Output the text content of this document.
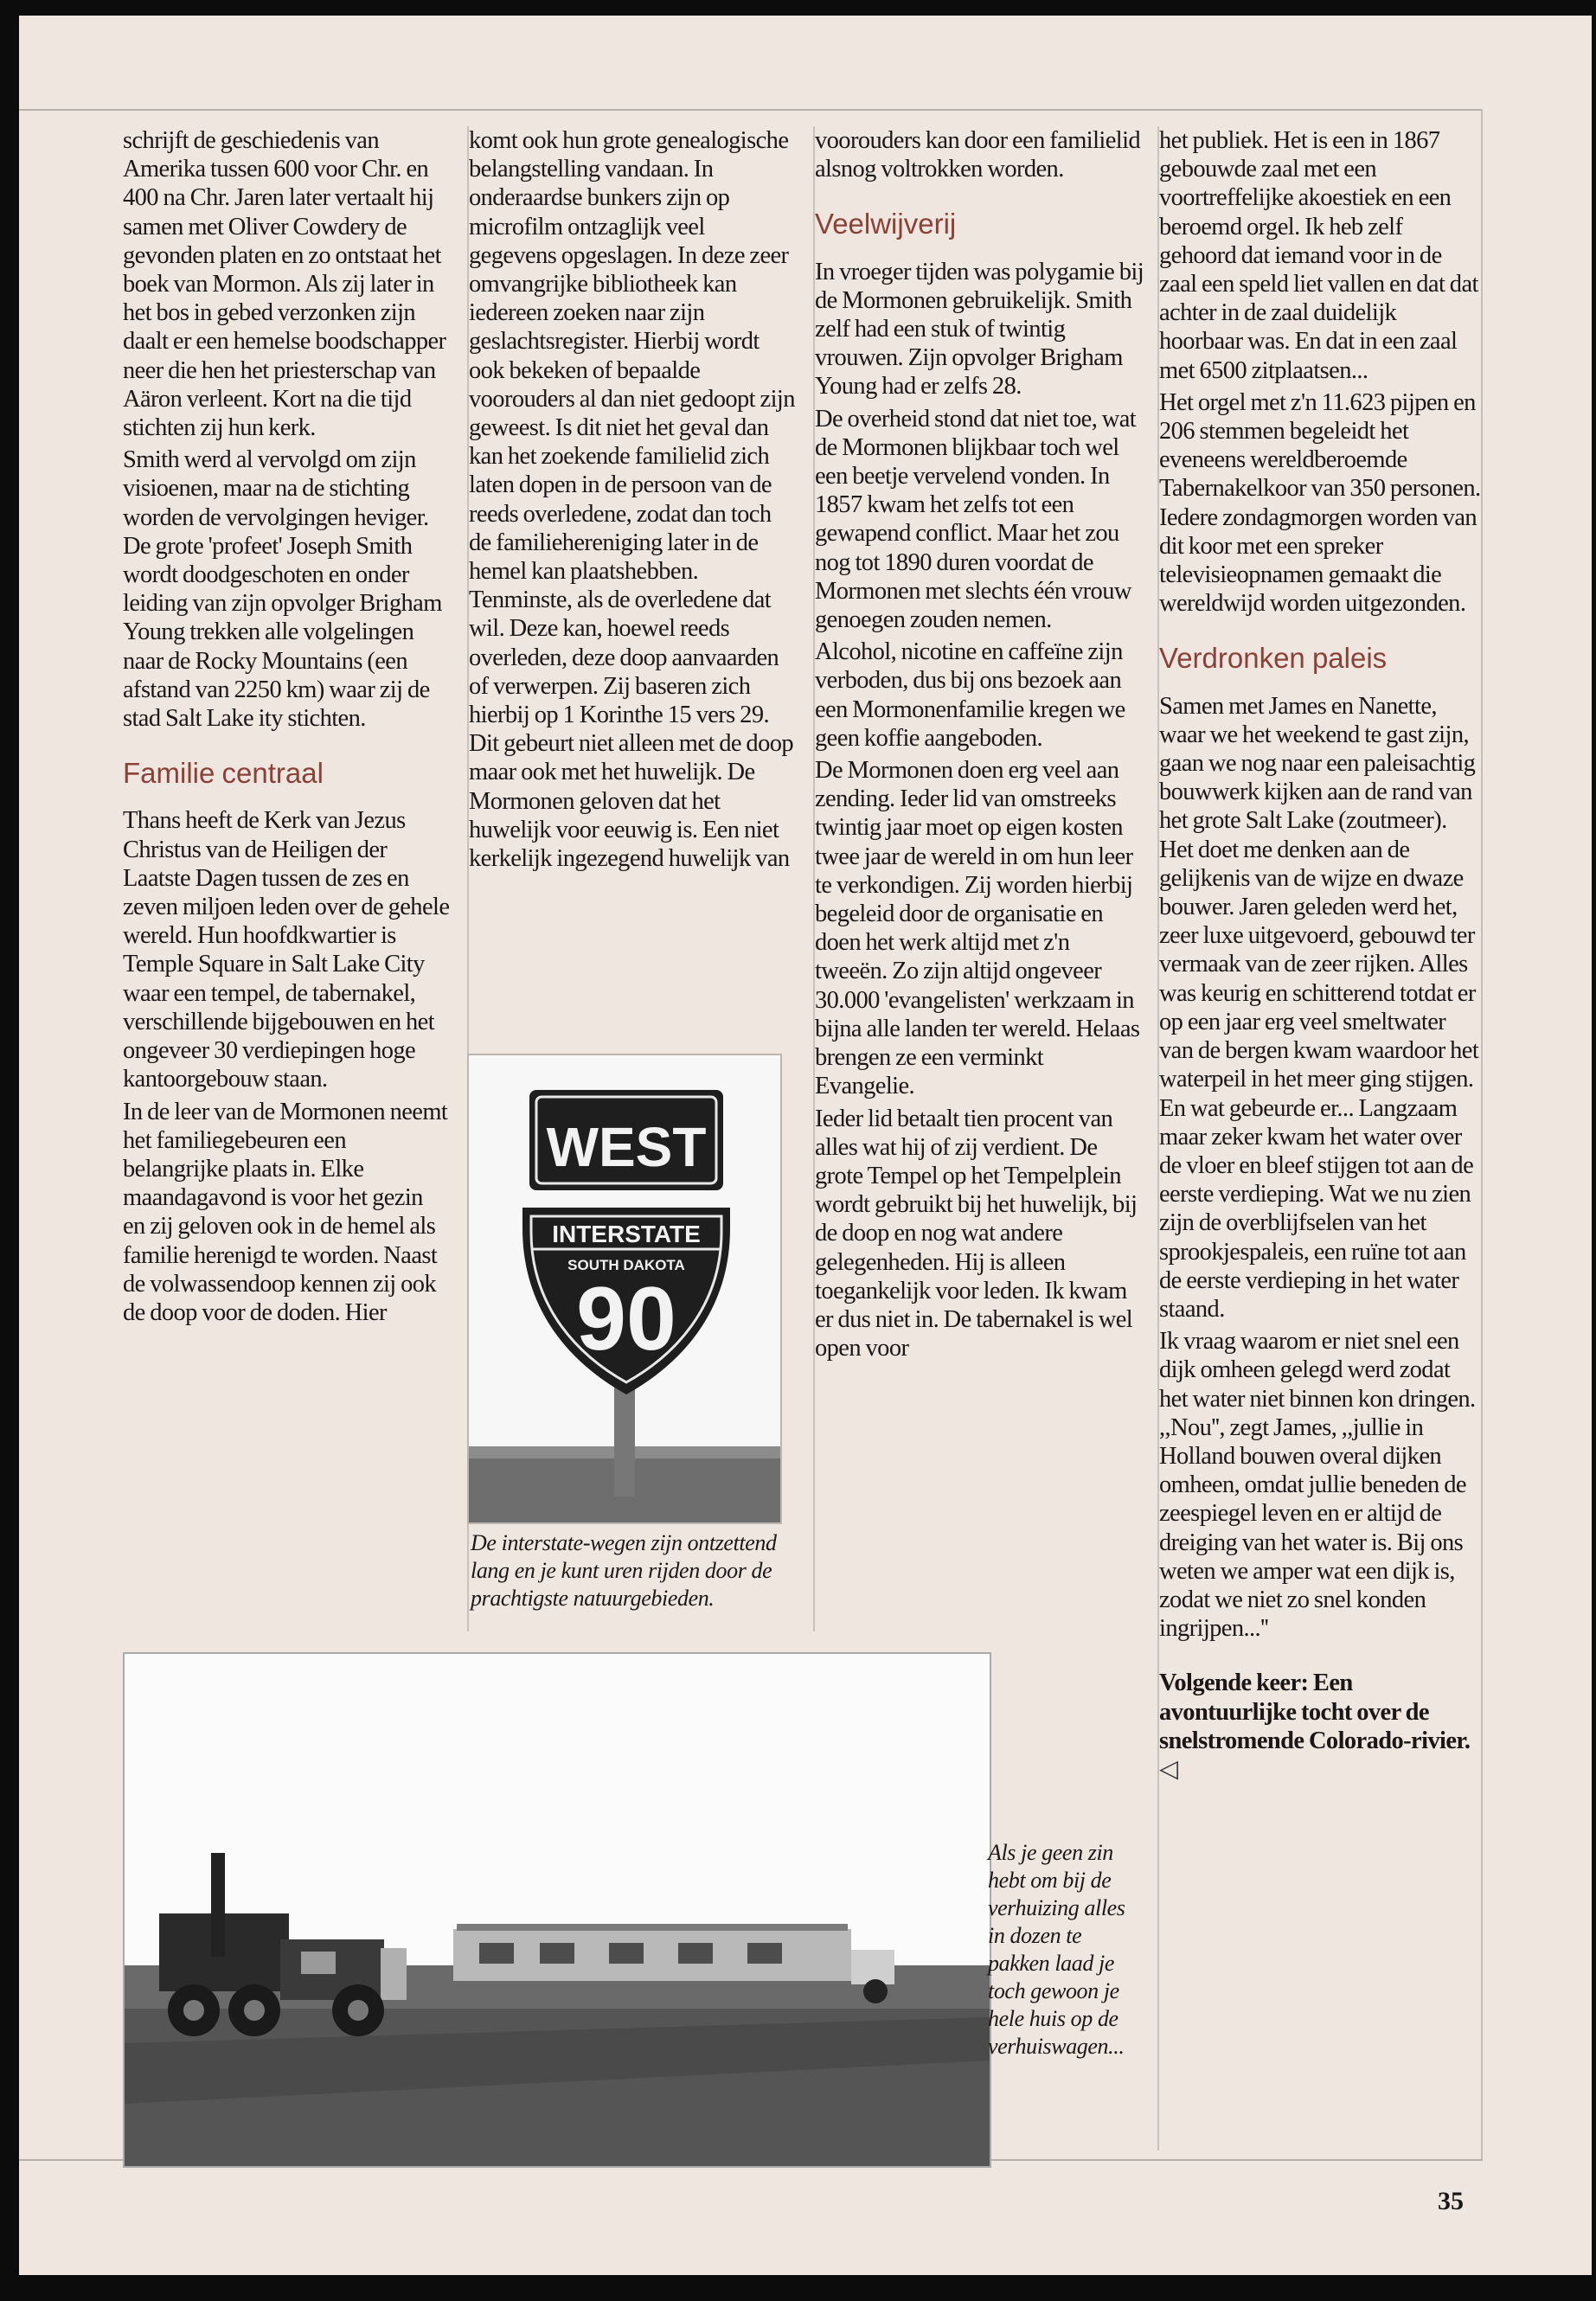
schrijft de geschiedenis van Amerika tussen 600 voor Chr. en 400 na Chr. Jaren later vertaalt hij samen met Oliver Cowdery de gevonden platen en zo ontstaat het boek van Mormon. Als zij later in het bos in gebed verzonken zijn daalt er een hemelse boodschapper neer die hen het priesterschap van Aäron verleent. Kort na die tijd stichten zij hun kerk.

Smith werd al vervolgd om zijn visioenen, maar na de stichting worden de vervolgingen heviger. De grote 'profeet' Joseph Smith wordt doodgeschoten en onder leiding van zijn opvolger Brigham Young trekken alle volgelingen naar de Rocky Mountains (een afstand van 2250 km) waar zij de stad Salt Lake ity stichten.

Familie centraal

Thans heeft de Kerk van Jezus Christus van de Heiligen der Laatste Dagen tussen de zes en zeven miljoen leden over de gehele wereld. Hun hoofdkwartier is Temple Square in Salt Lake City waar een tempel, de tabernakel, verschillende bijgebouwen en het ongeveer 30 verdiepingen hoge kantoorgebouw staan.

In de leer van de Mormonen neemt het familiegebeuren een belangrijke plaats in. Elke maandagavond is voor het gezin en zij geloven ook in de hemel als familie herenigd te worden. Naast de volwassendoop kennen zij ook de doop voor de doden. Hier

komt ook hun grote genealogische belangstelling vandaan. In onderaardse bunkers zijn op microfilm ontzaglijk veel gegevens opgeslagen. In deze zeer omvangrijke bibliotheek kan iedereen zoeken naar zijn geslachtsregister. Hierbij wordt ook bekeken of bepaalde voorouders al dan niet gedoopt zijn geweest. Is dit niet het geval dan kan het zoekende familielid zich laten dopen in de persoon van de reeds overledene, zodat dan toch de familiehereniging later in de hemel kan plaatshebben. Tenminste, als de overledene dat wil. Deze kan, hoewel reeds overleden, deze doop aanvaarden of verwerpen. Zij baseren zich hierbij op 1 Korinthe 15 vers 29. Dit gebeurt niet alleen met de doop maar ook met het huwelijk. De Mormonen geloven dat het huwelijk voor eeuwig is. Een niet kerkelijk ingezegend huwelijk van

voorouders kan door een familielid alsnog voltrokken worden.

Veelwijverij

In vroeger tijden was polygamie bij de Mormonen gebruikelijk. Smith zelf had een stuk of twintig vrouwen. Zijn opvolger Brigham Young had er zelfs 28.

De overheid stond dat niet toe, wat de Mormonen blijkbaar toch wel een beetje vervelend vonden. In 1857 kwam het zelfs tot een gewapend conflict. Maar het zou nog tot 1890 duren voordat de Mormonen met slechts één vrouw genoegen zouden nemen.

Alcohol, nicotine en caffeïne zijn verboden, dus bij ons bezoek aan een Mormonenfamilie kregen we geen koffie aangeboden.

De Mormonen doen erg veel aan zending. Ieder lid van omstreeks twintig jaar moet op eigen kosten twee jaar de wereld in om hun leer te verkondigen. Zij worden hierbij begeleid door de organisatie en doen het werk altijd met z'n tweeën. Zo zijn altijd ongeveer 30.000 'evangelisten' werkzaam in bijna alle landen ter wereld. Helaas brengen ze een verminkt Evangelie.

Ieder lid betaalt tien procent van alles wat hij of zij verdient. De grote Tempel op het Tempelplein wordt gebruikt bij het huwelijk, bij de doop en nog wat andere gelegenheden. Hij is alleen toegankelijk voor leden. Ik kwam er dus niet in. De tabernakel is wel open voor

het publiek. Het is een in 1867 gebouwde zaal met een voortreffelijke akoestiek en een beroemd orgel. Ik heb zelf gehoord dat iemand voor in de zaal een speld liet vallen en dat dat achter in de zaal duidelijk hoorbaar was. En dat in een zaal met 6500 zitplaatsen...

Het orgel met z'n 11.623 pijpen en 206 stemmen begeleidt het eveneens wereldberoemde Tabernakelkoor van 350 personen. Iedere zondagmorgen worden van dit koor met een spreker televisieopnamen gemaakt die wereldwijd worden uitgezonden.

Verdronken paleis

Samen met James en Nanette, waar we het weekend te gast zijn, gaan we nog naar een paleisachtig bouwwerk kijken aan de rand van het grote Salt Lake (zoutmeer). Het doet me denken aan de gelijkenis van de wijze en dwaze bouwer. Jaren geleden werd het, zeer luxe uitgevoerd, gebouwd ter vermaak van de zeer rijken. Alles was keurig en schitterend totdat er op een jaar erg veel smeltwater van de bergen kwam waardoor het waterpeil in het meer ging stijgen. En wat gebeurde er... Langzaam maar zeker kwam het water over de vloer en bleef stijgen tot aan de eerste verdieping. Wat we nu zien zijn de overblijfselen van het sprookjespaleis, een ruïne tot aan de eerste verdieping in het water staand.

Ik vraag waarom er niet snel een dijk omheen gelegd werd zodat het water niet binnen kon dringen. ,,Nou'', zegt James, ,,jullie in Holland bouwen overal dijken omheen, omdat jullie beneden de zeespiegel leven en er altijd de dreiging van het water is. Bij ons weten we amper wat een dijk is, zodat we niet zo snel konden ingrijpen...''

Volgende keer: Een avontuurlijke tocht over de snelstromende Colorado-rivier. ◁

WEST
INTERSTATE
SOUTH DAKOTA
90
De interstate-wegen zijn ontzettend lang en je kunt uren rijden door de prachtigste natuurgebieden.
Als je geen zin hebt om bij de verhuizing alles in dozen te pakken laad je toch gewoon je hele huis op de verhuiswagen...
35
